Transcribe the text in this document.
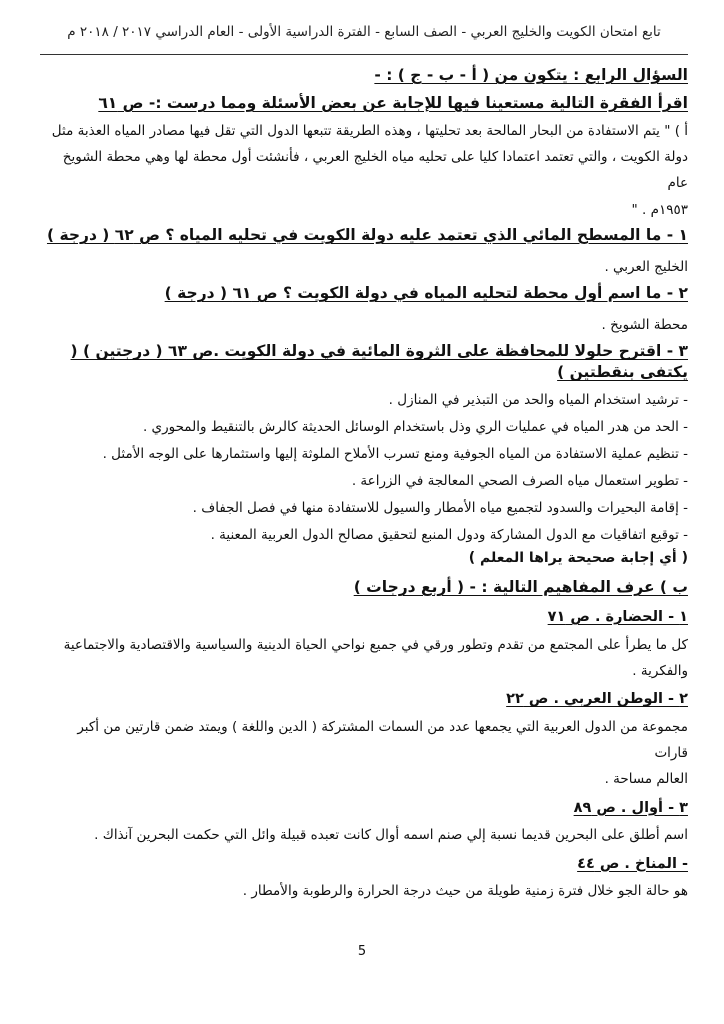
تابع امتحان الكويت والخليج العربي - الصف السابع - الفترة الدراسية الأولى - العام الدراسي ٢٠١٧ / ٢٠١٨ م

السؤال الرابع : يتكون من ( أ - ب - ج ) : -

اقرأ الفقرة التالية مستعينا فيها للإجابة عن بعض الأسئلة ومما درست :- ص ٦١

أ ) " يتم الاستفادة من البحار المالحة بعد تحليتها ، وهذه الطريقة تتبعها الدول التي تقل فيها مصادر المياه العذبة مثل
دولة الكويت ، والتي تعتمد اعتمادا كليا على تحليه مياه الخليج العربي ، فأنشئت أول محطة لها وهي محطة الشويخ عام
١٩٥٣م . "

١ - ما المسطح المائي الذي تعتمد عليه دولة الكويت في تحليه المياه ؟ ص ٦٢ ( درجة )

الخليج العربي .

٢ - ما اسم أول محطة لتحليه المياه في دولة الكويت ؟ ص ٦١ ( درجة )

محطة الشويخ .

٣ - اقترح حلولا للمحافظة على الثروة المائية في دولة الكويت .ص ٦٣ ( درجتين ) ( يكتفى بنقطتين )

- ترشيد استخدام المياه والحد من التبذير في المنازل .
- الحد من هدر المياه في عمليات الري وذل باستخدام الوسائل الحديثة كالرش بالتنقيط والمحوري .
- تنظيم عملية الاستفادة من المياه الجوفية ومنع تسرب الأملاح الملوثة إليها واستثمارها على الوجه الأمثل .
- تطوير استعمال مياه الصرف الصحي المعالجة في الزراعة .
- إقامة البحيرات والسدود لتجميع مياه الأمطار والسيول للاستفادة منها في فصل الجفاف .
- توقيع اتفاقيات مع الدول المشاركة ودول المنبع لتحقيق مصالح الدول العربية المعنية .

( أي إجابة صحيحة يراها المعلم )

ب ) عرف المفاهيم التالية : - ( أربع درجات )

١ - الحضارة . ص ٧١

كل ما يطرأ على المجتمع من تقدم وتطور ورقي في جميع نواحي الحياة الدينية والسياسية والاقتصادية والاجتماعية
والفكرية .

٢ - الوطن العربي . ص ٢٢

مجموعة من الدول العربية التي يجمعها عدد من السمات المشتركة ( الدين واللغة ) ويمتد ضمن قارتين من أكبر قارات
العالم مساحة .

٣ - أوال . ص ٨٩

اسم أطلق على البحرين قديما نسبة إلي صنم اسمه أوال كانت تعبده قبيلة وائل التي حكمت البحرين آنذاك .

- المناخ . ص ٤٤

هو حالة الجو خلال فترة زمنية طويلة من حيث درجة الحرارة والرطوبة والأمطار .

5
